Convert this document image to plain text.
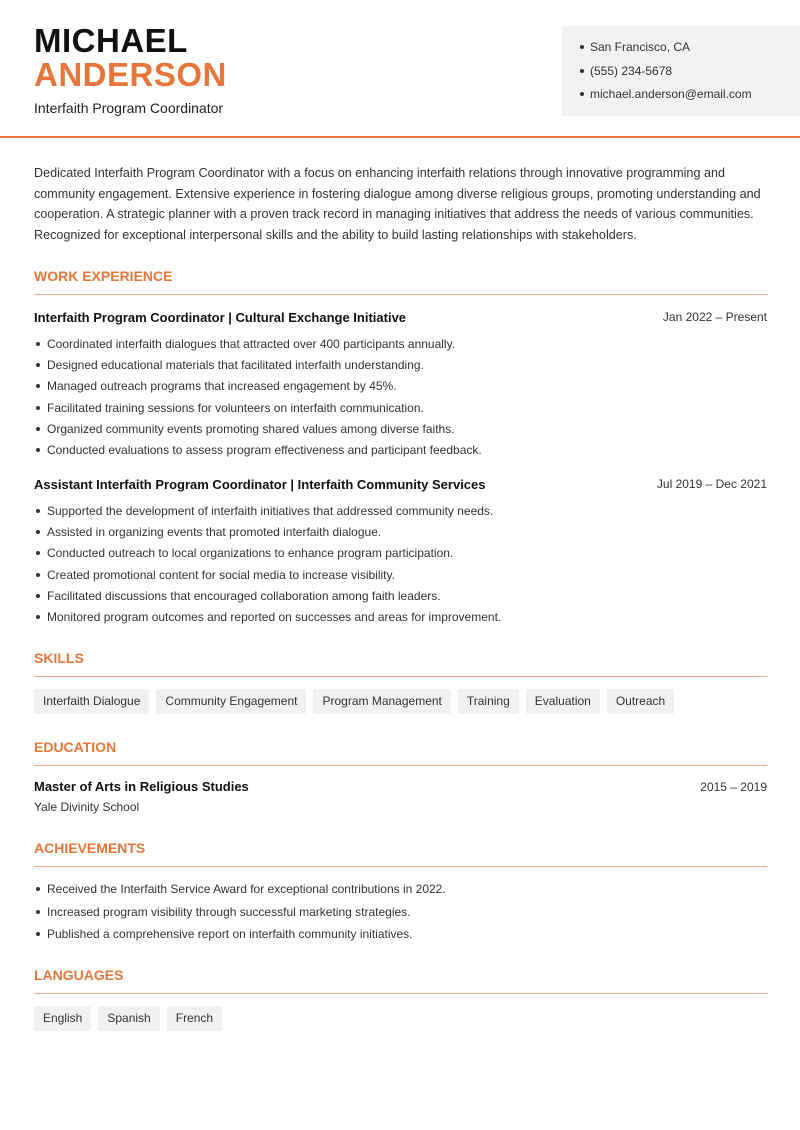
MICHAEL
ANDERSON
Interfaith Program Coordinator
San Francisco, CA
(555) 234-5678
michael.anderson@email.com

Dedicated Interfaith Program Coordinator with a focus on enhancing interfaith relations through innovative programming and community engagement. Extensive experience in fostering dialogue among diverse religious groups, promoting understanding and cooperation. A strategic planner with a proven track record in managing initiatives that address the needs of various communities. Recognized for exceptional interpersonal skills and the ability to build lasting relationships with stakeholders.

WORK EXPERIENCE
Interfaith Program Coordinator | Cultural Exchange Initiative	Jan 2022 – Present
Coordinated interfaith dialogues that attracted over 400 participants annually.
Designed educational materials that facilitated interfaith understanding.
Managed outreach programs that increased engagement by 45%.
Facilitated training sessions for volunteers on interfaith communication.
Organized community events promoting shared values among diverse faiths.
Conducted evaluations to assess program effectiveness and participant feedback.
Assistant Interfaith Program Coordinator | Interfaith Community Services	Jul 2019 – Dec 2021
Supported the development of interfaith initiatives that addressed community needs.
Assisted in organizing events that promoted interfaith dialogue.
Conducted outreach to local organizations to enhance program participation.
Created promotional content for social media to increase visibility.
Facilitated discussions that encouraged collaboration among faith leaders.
Monitored program outcomes and reported on successes and areas for improvement.
SKILLS
Interfaith Dialogue	Community Engagement	Program Management	Training	Evaluation	Outreach
EDUCATION
Master of Arts in Religious Studies	2015 – 2019
Yale Divinity School
ACHIEVEMENTS
Received the Interfaith Service Award for exceptional contributions in 2022.
Increased program visibility through successful marketing strategies.
Published a comprehensive report on interfaith community initiatives.
LANGUAGES
English	Spanish	French
